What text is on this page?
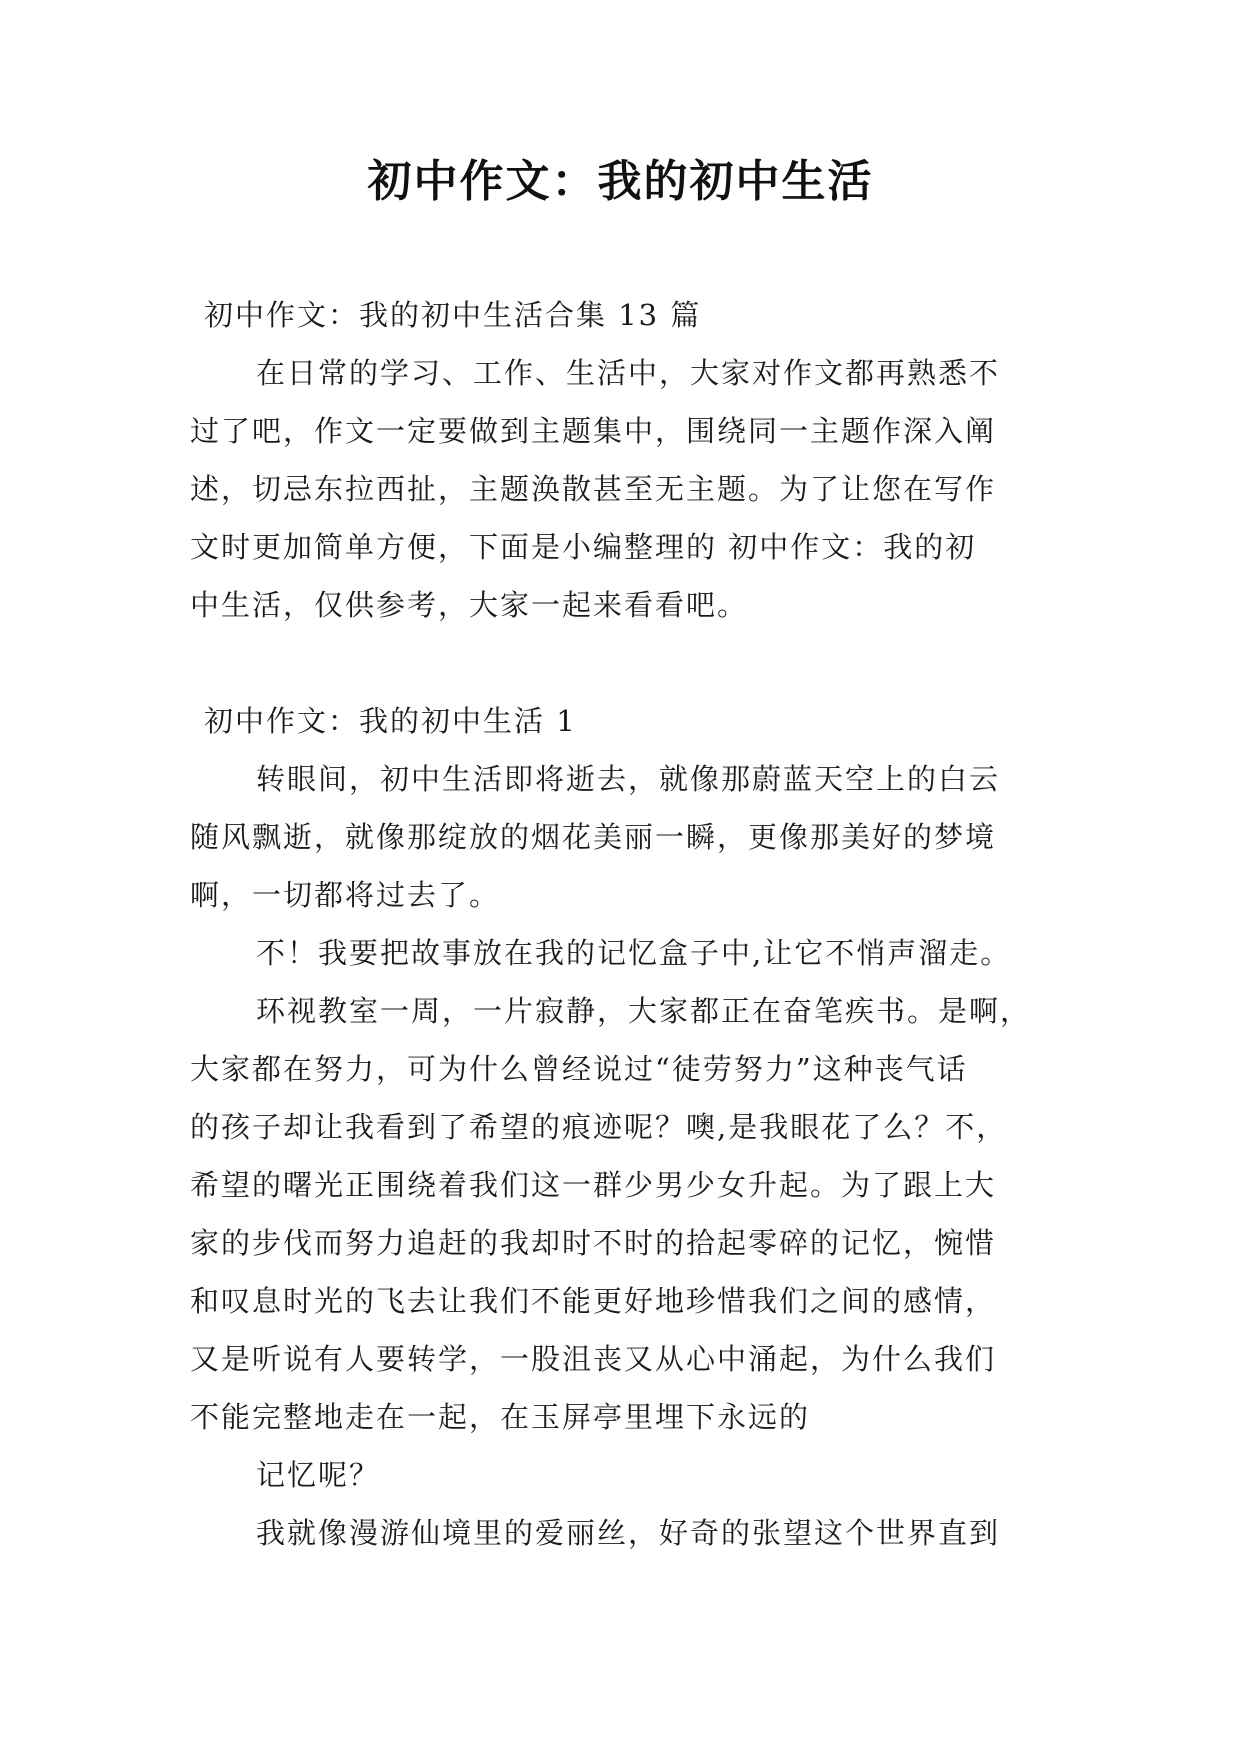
初中作文：我的初中生活

初中作文：我的初中生活合集 13 篇

在日常的学习、工作、生活中，大家对作文都再熟悉不

过了吧，作文一定要做到主题集中，围绕同一主题作深入阐

述，切忌东拉西扯，主题涣散甚至无主题。为了让您在写作

文时更加简单方便，下面是小编整理的 初中作文：我的初

中生活，仅供参考，大家一起来看看吧。

初中作文：我的初中生活 1

转眼间，初中生活即将逝去，就像那蔚蓝天空上的白云

随风飘逝，就像那绽放的烟花美丽一瞬，更像那美好的梦境

啊，一切都将过去了。

不！我要把故事放在我的记忆盒子中,让它不悄声溜走。

环视教室一周，一片寂静，大家都正在奋笔疾书。是啊，

大家都在努力，可为什么曾经说过“徒劳努力”这种丧气话

的孩子却让我看到了希望的痕迹呢？噢,是我眼花了么？不，

希望的曙光正围绕着我们这一群少男少女升起。为了跟上大

家的步伐而努力追赶的我却时不时的拾起零碎的记忆，惋惜

和叹息时光的飞去让我们不能更好地珍惜我们之间的感情，

又是听说有人要转学，一股沮丧又从心中涌起，为什么我们

不能完整地走在一起，在玉屏亭里埋下永远的

记忆呢？

我就像漫游仙境里的爱丽丝，好奇的张望这个世界直到
